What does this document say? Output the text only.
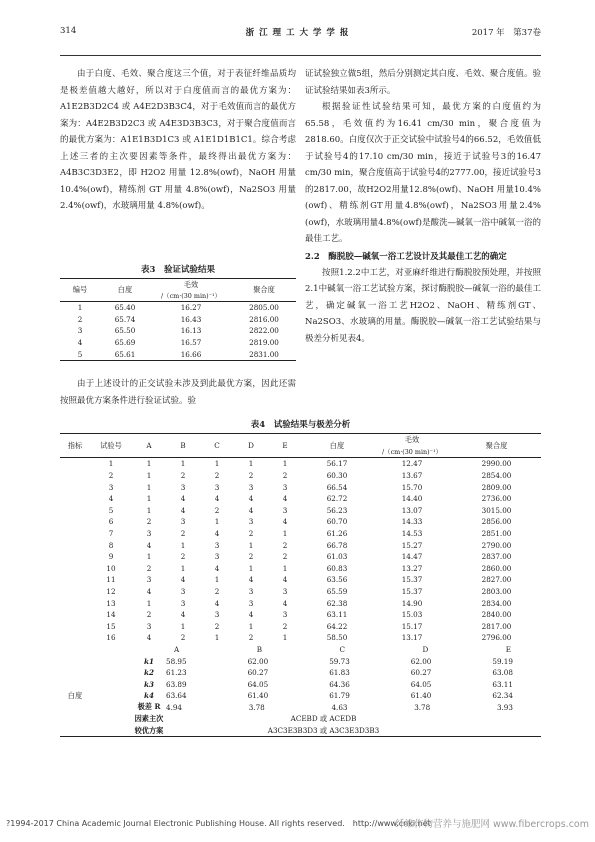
314	浙 江 理 工 大 学 学 报	2017 年　第37卷

由于白度、毛效、聚合度这三个值，对于表征纤维品质均是极差值越大越好，所以对于白度值而言的最优方案为：A1E2B3D2C4 或 A4E2D3B3C4，对于毛效值而言的最优方案为：A4E2B3D2C3 或 A4E3D3B3C3，对于聚合度值而言的最优方案为：A1E1B3D1C3 或 A1E1D1B1C1。综合考虑上述三者的主次要因素等条件，最终得出最优方案为：A4B3C3D3E2，即 H2O2 用量 12.8%(owf)，NaOH 用量 10.4%(owf)，精练剂 GT 用量 4.8%(owf)，Na2SO3 用量 2.4%(owf)，水玻璃用量 4.8%(owf)。

表3　验证试验结果
编号	白度	毛效	聚合度
		/（cm·(30 min)⁻¹）	
1	65.40	16.27	2805.00
2	65.74	16.43	2816.00
3	65.50	16.13	2822.00
4	65.69	16.57	2819.00
5	65.61	16.66	2831.00

由于上述设计的正交试验未涉及到此最优方案，因此还需按照最优方案条件进行验证试验。验

证试验独立做5组，然后分别测定其白度、毛效、聚合度值。验证试验结果如表3所示。

根据验证性试验结果可知，最优方案的白度值约为65.58，毛效值约为16.41 cm/30 min，聚合度值为2818.60。白度仅次于正交试验中试验号4的66.52，毛效值低于试验号4的17.10 cm/30 min，接近于试验号3的16.47 cm/30 min，聚合度值高于试验号4的2777.00，接近试验号3的2817.00，故H2O2用量12.8%(owf)、NaOH 用量10.4%(owf)、精练剂GT用量4.8%(owf)，Na2SO3用量2.4%(owf)，水玻璃用量4.8%(owf)是酸洗—碱氧一浴中碱氧一浴的最佳工艺。

2.2　酶脱胶—碱氧一浴工艺设计及其最佳工艺的确定

按照1.2.2中工艺，对亚麻纤维进行酶脱胶预处理，并按照2.1中碱氧一浴工艺试验方案，探讨酶脱胶—碱氧一浴的最佳工艺，确定碱氧一浴工艺H2O2、NaOH、精练剂GT、Na2SO3、水玻璃的用量。酶脱胶—碱氧一浴工艺试验结果与极差分析见表4。

表4　试验结果与极差分析
指标	试验号	A	B	C	D	E	白度	毛效	聚合度
								/（cm·(30 min)⁻¹）	
	1	1	1	1	1	1	56.17	12.47	2990.00
	2	1	2	2	2	2	60.30	13.67	2854.00
	3	1	3	3	3	3	66.54	15.70	2809.00
	4	1	4	4	4	4	62.72	14.40	2736.00
	5	1	4	2	4	3	56.23	13.07	3015.00
	6	2	3	1	3	4	60.70	14.33	2856.00
	7	3	2	4	2	1	61.26	14.53	2851.00
	8	4	1	3	1	2	66.78	15.27	2790.00
	9	1	2	3	2	2	61.03	14.47	2837.00
	10	2	1	4	1	1	60.83	13.27	2860.00
	11	3	4	1	4	4	63.56	15.37	2827.00
	12	4	3	2	3	3	65.59	15.37	2803.00
	13	1	3	4	3	4	62.38	14.90	2834.00
	14	2	4	3	4	3	63.11	15.03	2840.00
	15	3	1	2	1	2	64.22	15.17	2817.00
	16	4	2	1	2	1	58.50	13.17	2796.00

			A B C D E						

白度		k1	58.95 62.00 59.73 62.00 59.19						

		k2	61.23 60.27 61.83 60.27 63.08						

		k3	63.89 64.05 64.36 64.05 63.11						

		k4	63.64 61.40 61.79 61.40 62.34						

		极差 R	4.94 3.78 4.63 3.78 3.93						

		因素主次	ACEBD 或 ACEDB						
		较优方案	A3C3E3B3D3 或 A3C3E3D3B3						
?1994-2017 China Academic Journal Electronic Publishing House. All rights reserved.　http://www.cnki.net
纤维作物营养与施肥网 www.fibercrops.com
